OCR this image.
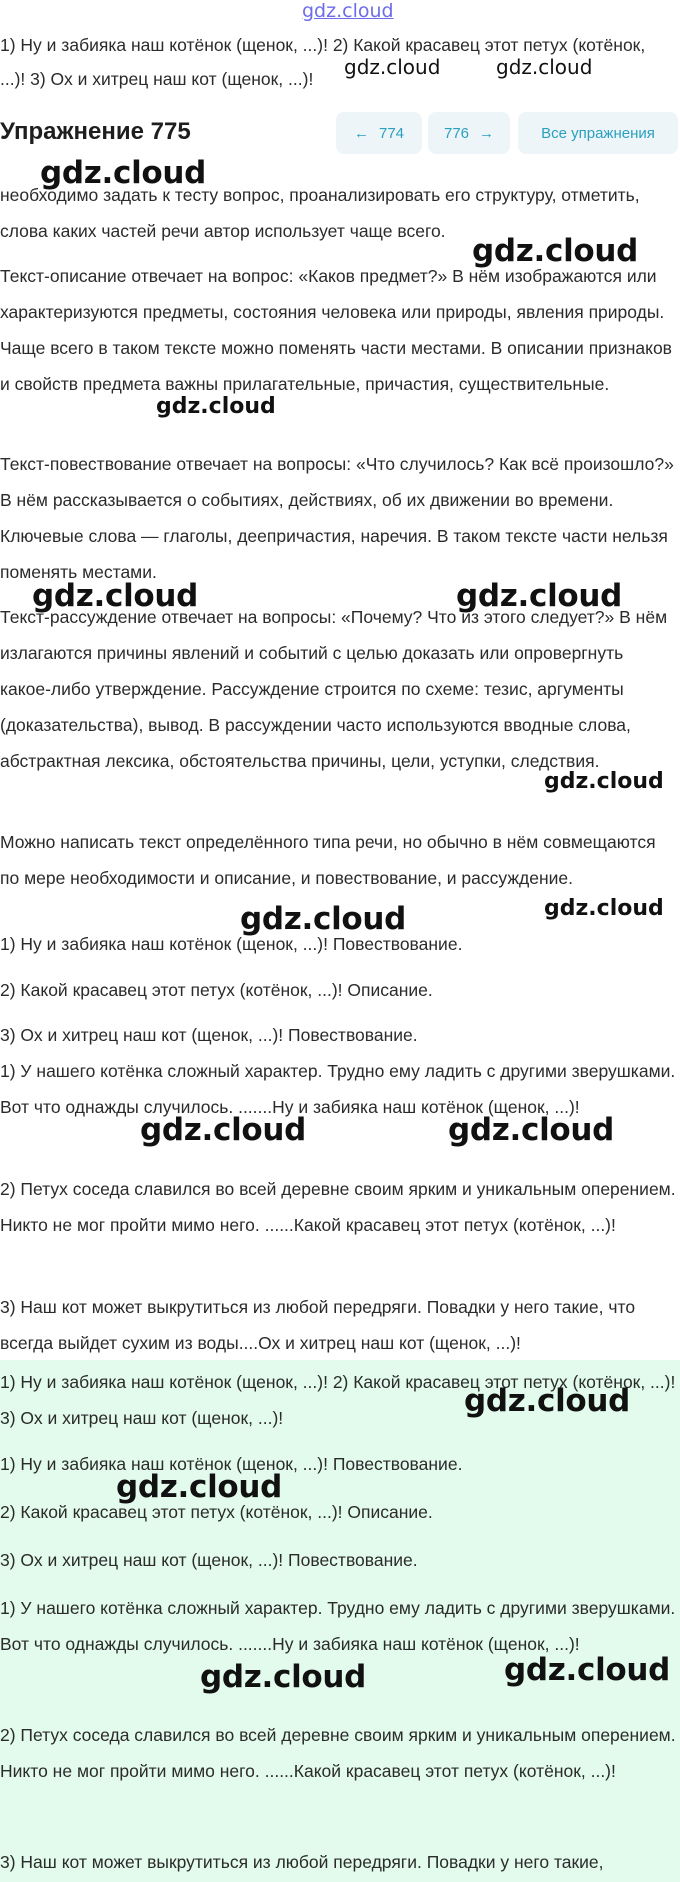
gdz.cloud

1) Ну и забияка наш котёнок (щенок, ...)! 2) Какой красавец этот петух (котёнок,

...)! 3) Ох и хитрец наш кот (щенок, ...)!	gdz.cloud	gdz.cloud
Упражнение 775	← 774	776 →	Все упражнения

необходимо задать к тесту вопрос, проанализировать его структуру, отметить, слова каких частей речи автор использует чаще всего.

Текст-описание отвечает на вопрос: «Каков предмет?» В нём изображаются или характеризуются предметы, состояния человека или природы, явления природы. Чаще всего в таком тексте можно поменять части местами. В описании признаков и свойств предмета важны прилагательные, причастия, существительные.

Текст-повествование отвечает на вопросы: «Что случилось? Как всё произошло?» В нём рассказывается о событиях, действиях, об их движении во времени. Ключевые слова — глаголы, деепричастия, наречия. В таком тексте части нельзя поменять местами.

Текст-рассуждение отвечает на вопросы: «Почему? Что из этого следует?» В нём излагаются причины явлений и событий с целью доказать или опровергнуть какое-либо утверждение. Рассуждение строится по схеме: тезис, аргументы (доказательства), вывод. В рассуждении часто используются вводные слова, абстрактная лексика, обстоятельства причины, цели, уступки, следствия.

Можно написать текст определённого типа речи, но обычно в нём совмещаются по мере необходимости и описание, и повествование, и рассуждение.

1) Ну и забияка наш котёнок (щенок, ...)! Повествование.

2) Какой красавец этот петух (котёнок, ...)! Описание.

3) Ох и хитрец наш кот (щенок, ...)! Повествование.

1) У нашего котёнка сложный характер. Трудно ему ладить с другими зверушками. Вот что однажды случилось. .......Ну и забияка наш котёнок (щенок, ...)!

2) Петух соседа славился во всей деревне своим ярким и уникальным оперением. Никто не мог пройти мимо него. ......Какой красавец этот петух (котёнок, ...)!

3) Наш кот может выкрутиться из любой передряги. Повадки у него такие, что всегда выйдет сухим из воды....Ох и хитрец наш кот (щенок, ...)!

1) Ну и забияка наш котёнок (щенок, ...)! 2) Какой красавец этот петух (котёнок, ...)! 3) Ох и хитрец наш кот (щенок, ...)!

1) Ну и забияка наш котёнок (щенок, ...)! Повествование.

2) Какой красавец этот петух (котёнок, ...)! Описание.

3) Ох и хитрец наш кот (щенок, ...)! Повествование.

1) У нашего котёнка сложный характер. Трудно ему ладить с другими зверушками. Вот что однажды случилось. .......Ну и забияка наш котёнок (щенок, ...)!

2) Петух соседа славился во всей деревне своим ярким и уникальным оперением. Никто не мог пройти мимо него. ......Какой красавец этот петух (котёнок, ...)!

3) Наш кот может выкрутиться из любой передряги. Повадки у него такие,

gdz.cloud
gdz.cloud
gdz.cloud
gdz.cloud	gdz.cloud
gdz.cloud
gdz.cloud
gdz.cloud
gdz.cloud	gdz.cloud
gdz.cloud
gdz.cloud
gdz.cloud	gdz.cloud
